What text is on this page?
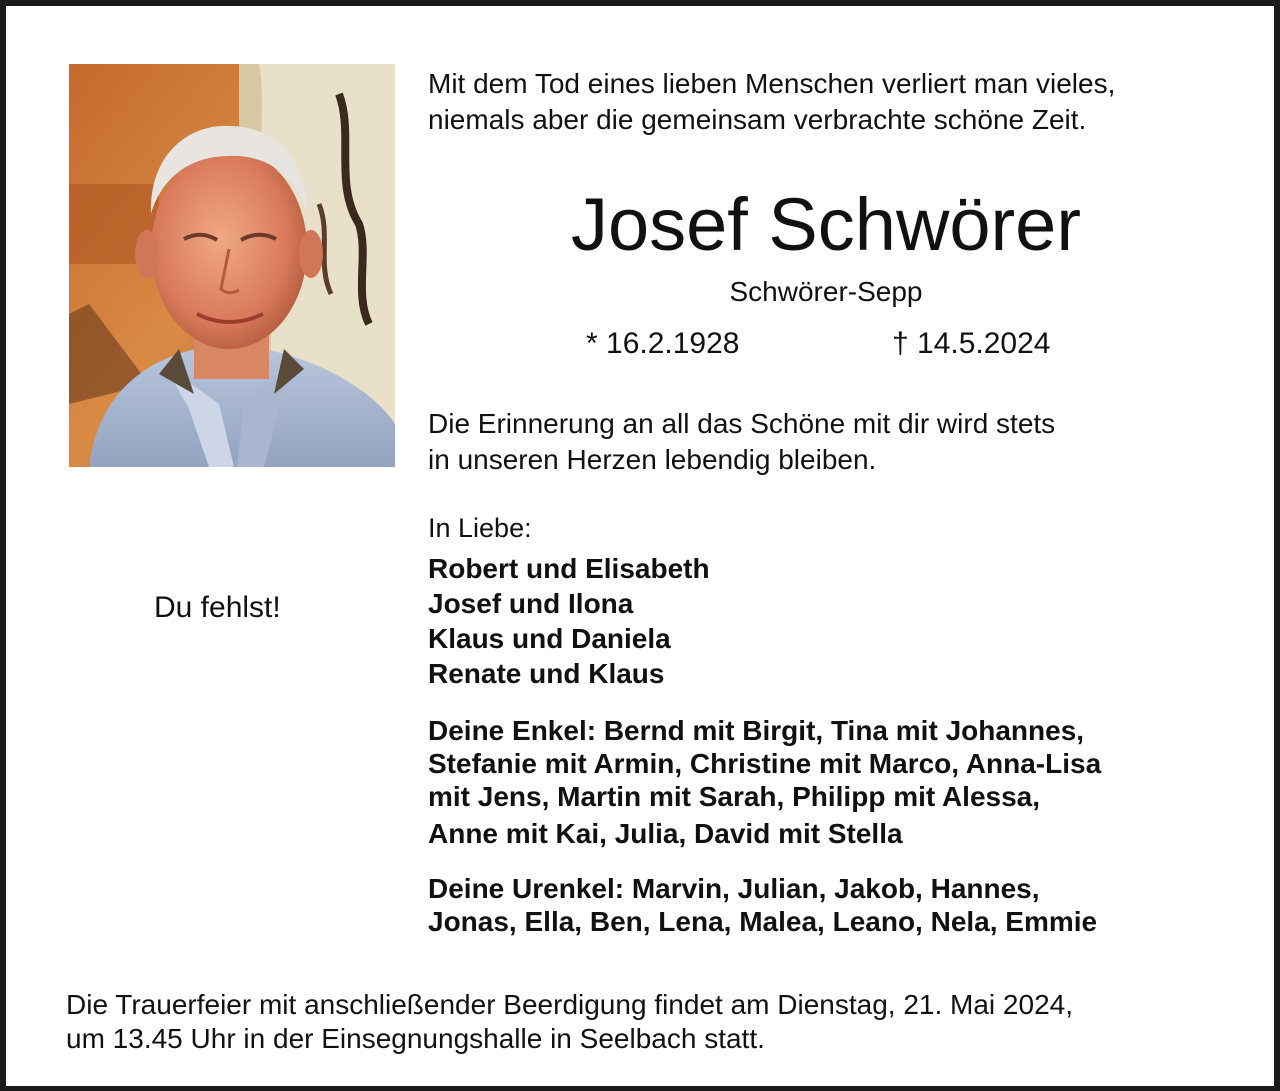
Mit dem Tod eines lieben Menschen verliert man vieles,
niemals aber die gemeinsam verbrachte schöne Zeit.
Josef Schwörer
Schwörer-Sepp
* 16.2.1928	† 14.5.2024
Die Erinnerung an all das Schöne mit dir wird stets
in unseren Herzen lebendig bleiben.
Du fehlst!
In Liebe:
Robert und Elisabeth
Josef und Ilona
Klaus und Daniela
Renate und Klaus
Deine Enkel: Bernd mit Birgit, Tina mit Johannes,
Stefanie mit Armin, Christine mit Marco, Anna-Lisa
mit Jens, Martin mit Sarah, Philipp mit Alessa,
Anne mit Kai, Julia, David mit Stella
Deine Urenkel: Marvin, Julian, Jakob, Hannes,
Jonas, Ella, Ben, Lena, Malea, Leano, Nela, Emmie
Die Trauerfeier mit anschließender Beerdigung findet am Dienstag, 21. Mai 2024,
um 13.45 Uhr in der Einsegnungshalle in Seelbach statt.
